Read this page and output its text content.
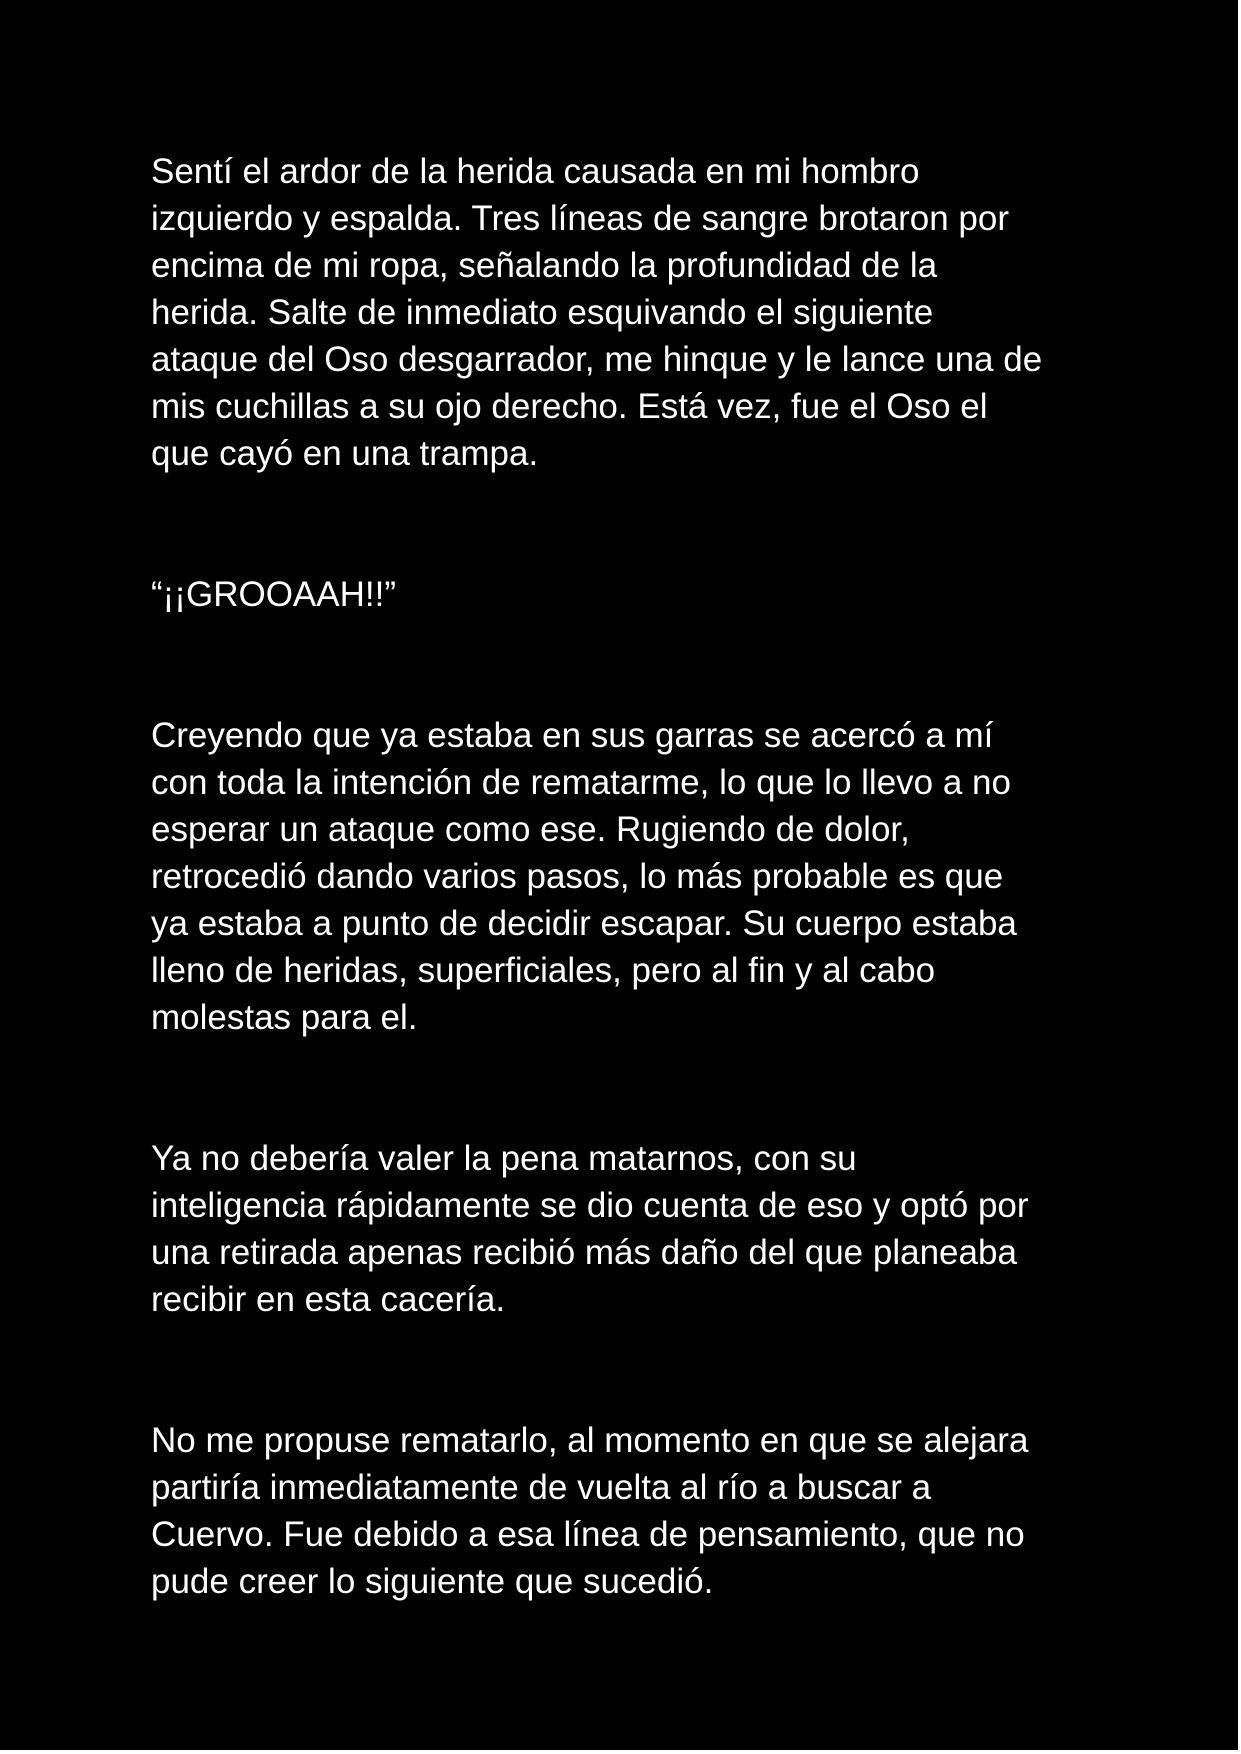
Sentí el ardor de la herida causada en mi hombro
izquierdo y espalda. Tres líneas de sangre brotaron por
encima de mi ropa, señalando la profundidad de la
herida. Salte de inmediato esquivando el siguiente
ataque del Oso desgarrador, me hinque y le lance una de
mis cuchillas a su ojo derecho. Está vez, fue el Oso el
que cayó en una trampa.

“¡¡GROOAAH!!”

Creyendo que ya estaba en sus garras se acercó a mí
con toda la intención de rematarme, lo que lo llevo a no
esperar un ataque como ese. Rugiendo de dolor,
retrocedió dando varios pasos, lo más probable es que
ya estaba a punto de decidir escapar. Su cuerpo estaba
lleno de heridas, superficiales, pero al fin y al cabo
molestas para el.

Ya no debería valer la pena matarnos, con su
inteligencia rápidamente se dio cuenta de eso y optó por
una retirada apenas recibió más daño del que planeaba
recibir en esta cacería.

No me propuse rematarlo, al momento en que se alejara
partiría inmediatamente de vuelta al río a buscar a
Cuervo. Fue debido a esa línea de pensamiento, que no
pude creer lo siguiente que sucedió.
